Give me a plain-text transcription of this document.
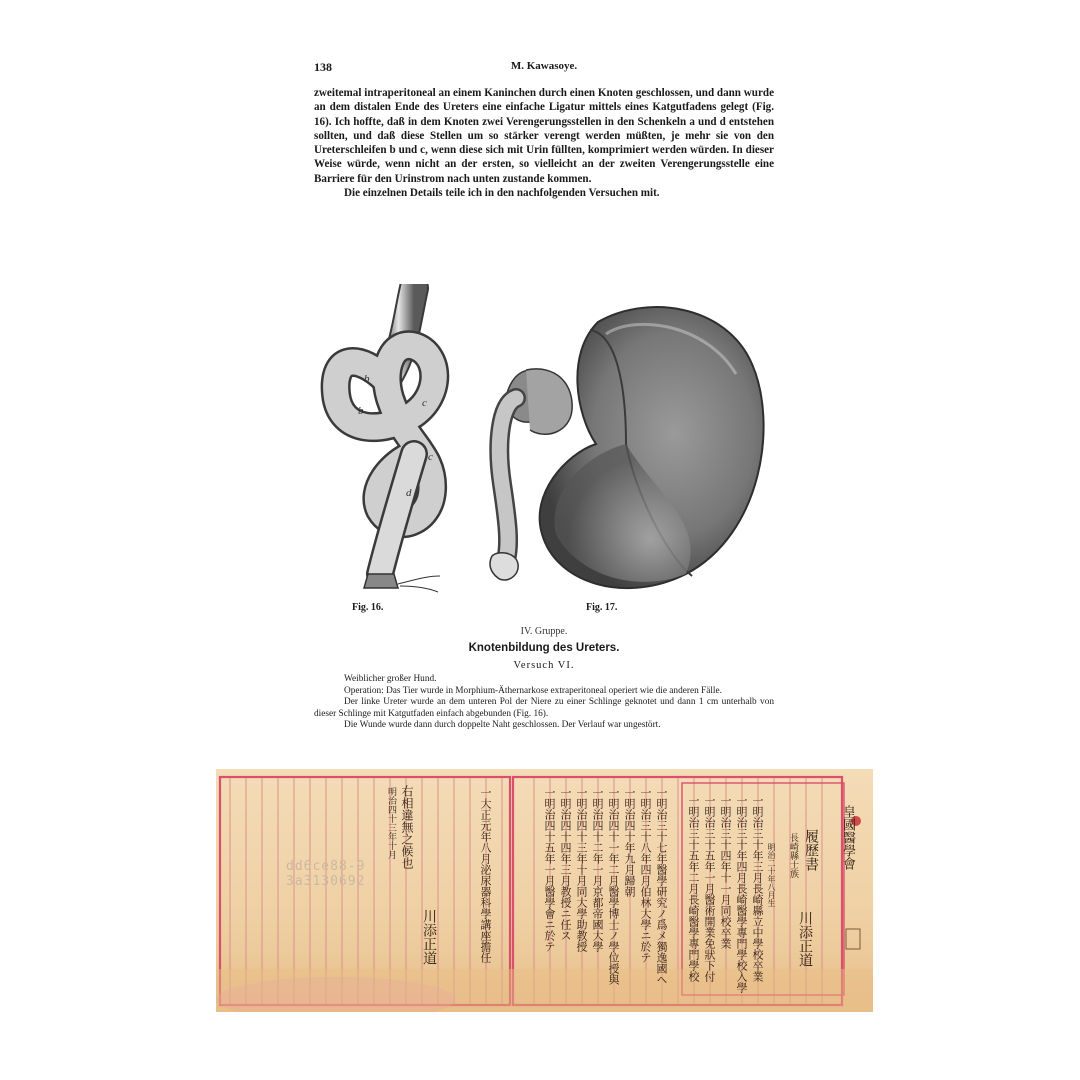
138	M. Kawasoye.

zweitemal intraperitoneal an einem Kaninchen durch einen Knoten geschlossen, und dann wurde an dem distalen Ende des Ureters eine einfache Ligatur mittels eines Katgutfadens gelegt (Fig. 16). Ich hoffte, daß in dem Knoten zwei Verengerungsstellen in den Schenkeln a und d entstehen sollten, und daß diese Stellen um so stärker verengt werden müßten, je mehr sie von den Ureterschleifen b und c, wenn diese sich mit Urin füllten, komprimiert werden würden. In dieser Weise würde, wenn nicht an der ersten, so vielleicht an der zweiten Verengerungsstelle eine Barriere für den Urinstrom nach unten zustande kommen.

Die einzelnen Details teile ich in den nachfolgenden Versuchen mit.

b
b
c
c
d
Fig. 16.	Fig. 17.
IV. Gruppe.
Knotenbildung des Ureters.
Versuch VI.

Weiblicher großer Hund.

Operation: Das Tier wurde in Morphium-Äthernarkose extraperitoneal operiert wie die anderen Fälle.

Der linke Ureter wurde an dem unteren Pol der Niere zu einer Schlinge geknotet und dann 1 cm unterhalb von dieser Schlinge mit Katgutfaden einfach abgebunden (Fig. 16).

Die Wunde wurde dann durch doppelte Naht geschlossen. Der Verlauf war ungestört.

dd6ce88-9
3a3130692
皇國醫學會
履歷書
長崎縣士族
川添正道
明治二十年八月生
一明治三十年三月長崎縣立中學校卒業
一明治三十年四月長崎醫學專門學校入學
一明治三十四年十一月同校卒業
一明治三十五年一月醫術開業免狀下付
一明治三十五年二月長崎醫學專門學校
一明治三十七年醫學研究ノ爲メ獨逸國ヘ
一明治三十八年四月伯林大學ニ於テ
一明治四十年九月歸朝
一明治四十一年二月醫學博士ノ學位授與
一明治四十二年一月京都帝國大學
一明治四十三年十月同大學助教授
一明治四十四年三月教授ニ任ス
一明治四十五年一月醫學會ニ於テ
一大正元年八月泌尿器科學講座擔任
右相違無之候也
明治四十三年十月
川添正道
